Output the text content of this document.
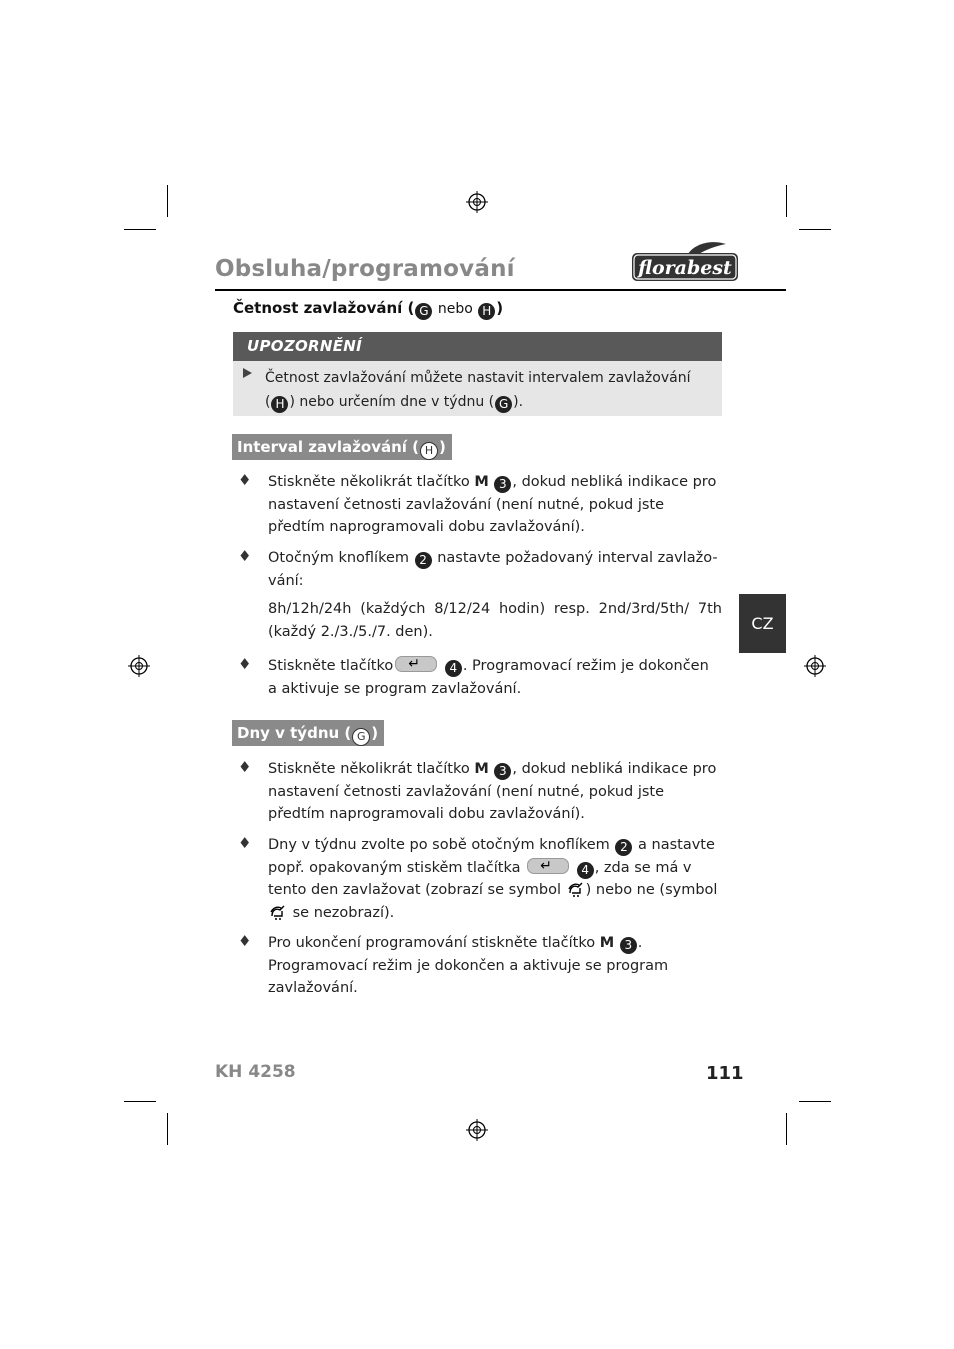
Obsluha/programování	florabest
Četnost zavlažování ( G nebo H )
UPOZORNĚNÍ
Četnost zavlažování můžete nastavit intervalem zavlažování
( H ) nebo určením dne v týdnu ( G ).
Interval zavlažování ( H )
♦ Stiskněte několikrát tlačítko M 3 , dokud nebliká indikace pro nastavení četnosti zavlažování (není nutné, pokud jste předtím naprogramovali dobu zavlažování).
♦ Otočným knoflíkem 2 nastavte požadovaný interval zavlažo-vání:
8h/12h/24h (každých 8/12/24 hodin) resp. 2nd/3rd/5th/ 7th (každý 2./3./5./7. den).
♦ Stiskněte tlačítko ↵	4 . Programovací režim je dokončen a aktivuje se program zavlažování.
Dny v týdnu ( G )
♦ Stiskněte několikrát tlačítko M 3 , dokud nebliká indikace pro nastavení četnosti zavlažování (není nutné, pokud jste předtím naprogramovali dobu zavlažování).
♦ Dny v týdnu zvolte po sobě otočným knoflíkem 2 a nastavte popř. opakovaným stiskěm tlačítka ↵	4 , zda se má v tento den zavlažovat (zobrazí se symbol ) nebo ne (symbol  se nezobrazí).
♦ Pro ukončení programování stiskněte tlačítko M 3 . Programovací režim je dokončen a aktivuje se program zavlažování.
CZ
KH 4258	111
